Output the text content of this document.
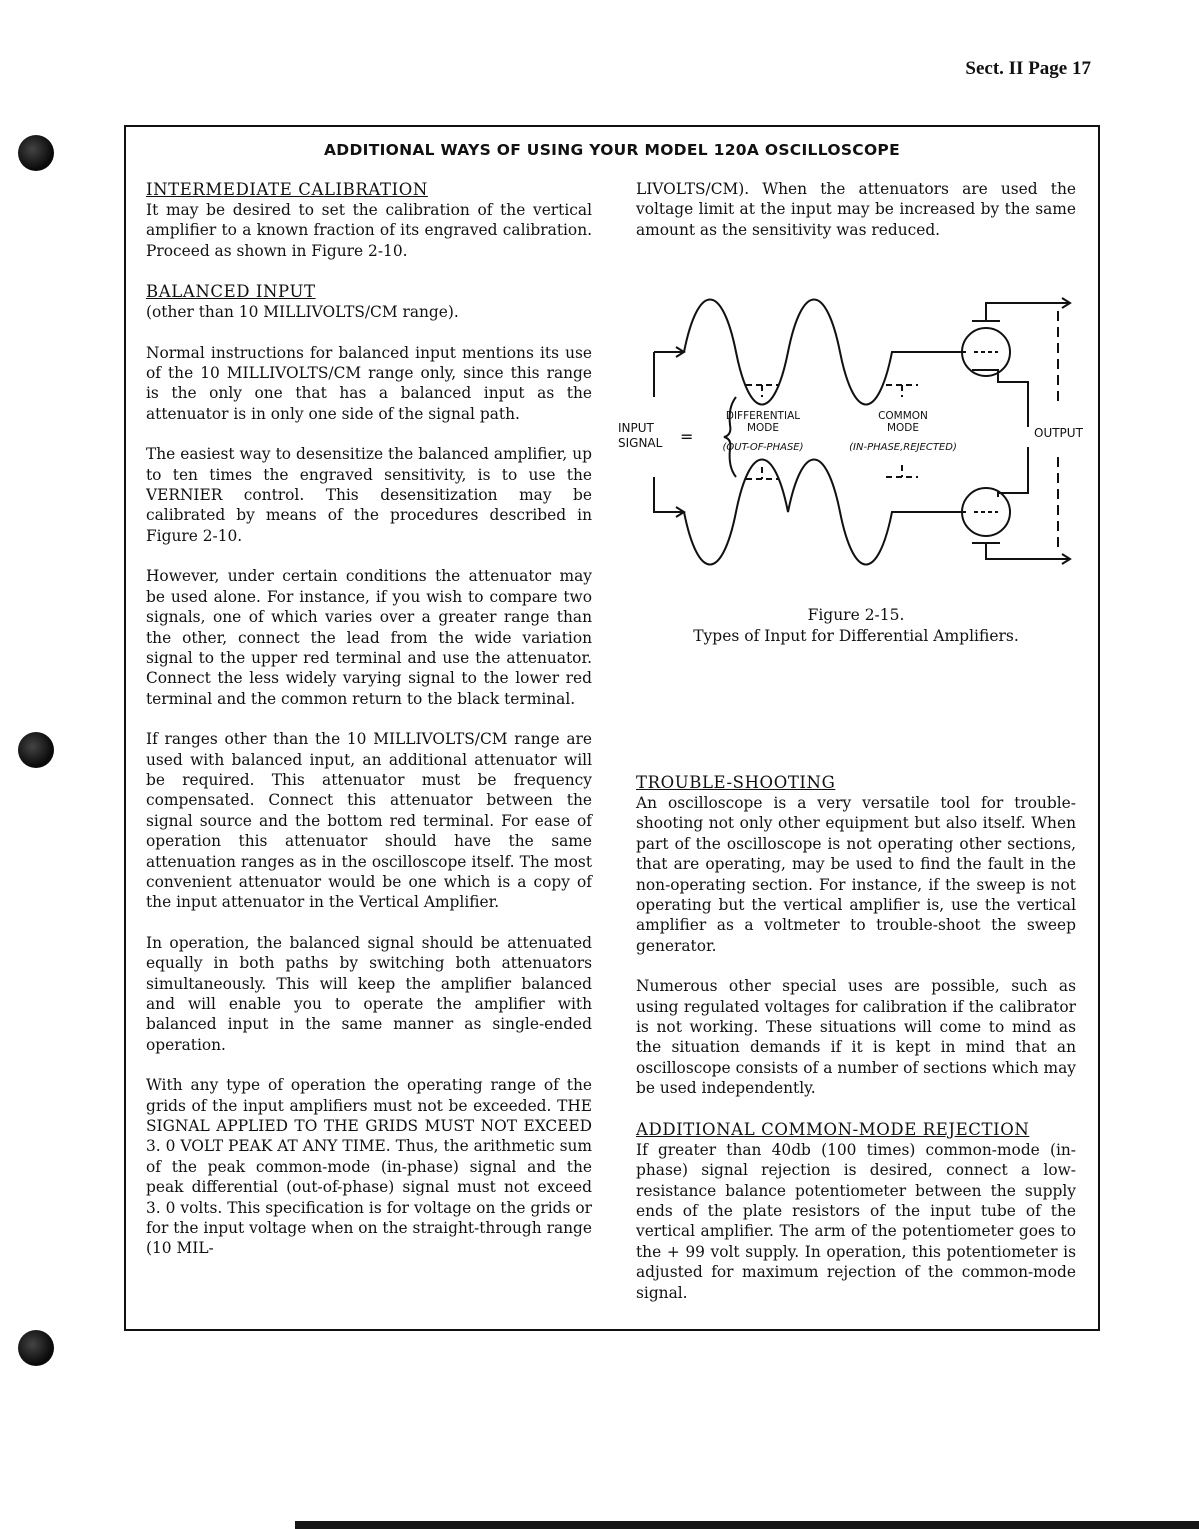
Sect. II Page 17
ADDITIONAL WAYS OF USING YOUR MODEL 120A OSCILLOSCOPE
INTERMEDIATE CALIBRATION

It may be desired to set the calibration of the vertical amplifier to a known fraction of its engraved calibration. Proceed as shown in Figure 2-10.

BALANCED INPUT

(other than 10 MILLIVOLTS/CM range).

Normal instructions for balanced input mentions its use of the 10 MILLIVOLTS/CM range only, since this range is the only one that has a balanced input as the attenuator is in only one side of the signal path.

The easiest way to desensitize the balanced amplifier, up to ten times the engraved sensitivity, is to use the VERNIER control. This desensitization may be calibrated by means of the procedures described in Figure 2-10.

However, under certain conditions the attenuator may be used alone. For instance, if you wish to compare two signals, one of which varies over a greater range than the other, connect the lead from the wide variation signal to the upper red terminal and use the attenuator. Connect the less widely varying signal to the lower red terminal and the common return to the black terminal.

If ranges other than the 10 MILLIVOLTS/CM range are used with balanced input, an additional attenuator will be required. This attenuator must be frequency compensated. Connect this attenuator between the signal source and the bottom red terminal. For ease of operation this attenuator should have the same attenuation ranges as in the oscilloscope itself. The most convenient attenuator would be one which is a copy of the input attenuator in the Vertical Amplifier.

In operation, the balanced signal should be attenuated equally in both paths by switching both attenuators simultaneously. This will keep the amplifier balanced and will enable you to operate the amplifier with balanced input in the same manner as single-ended operation.

With any type of operation the operating range of the grids of the input amplifiers must not be exceeded. THE SIGNAL APPLIED TO THE GRIDS MUST NOT EXCEED 3. 0 VOLT PEAK AT ANY TIME. Thus, the arithmetic sum of the peak common-mode (in-phase) signal and the peak differential (out-of-phase) signal must not exceed 3. 0 volts. This specification is for voltage on the grids or for the input voltage when on the straight-through range (10 MIL-

LIVOLTS/CM). When the attenuators are used the voltage limit at the input may be increased by the same amount as the sensitivity was reduced.

INPUT
SIGNAL =
DIFFERENTIAL
MODE
(OUT-OF-PHASE)
COMMON
MODE
(IN-PHASE,REJECTED)
OUTPUT
Figure 2-15.
Types of Input for Differential Amplifiers.
TROUBLE-SHOOTING

An oscilloscope is a very versatile tool for trouble-shooting not only other equipment but also itself. When part of the oscilloscope is not operating other sections, that are operating, may be used to find the fault in the non-operating section. For instance, if the sweep is not operating but the vertical amplifier is, use the vertical amplifier as a voltmeter to trouble-shoot the sweep generator.

Numerous other special uses are possible, such as using regulated voltages for calibration if the calibrator is not working. These situations will come to mind as the situation demands if it is kept in mind that an oscilloscope consists of a number of sections which may be used independently.

ADDITIONAL COMMON-MODE REJECTION

If greater than 40db (100 times) common-mode (in-phase) signal rejection is desired, connect a low-resistance balance potentiometer between the supply ends of the plate resistors of the input tube of the vertical amplifier. The arm of the potentiometer goes to the + 99 volt supply. In operation, this potentiometer is adjusted for maximum rejection of the common-mode signal.
